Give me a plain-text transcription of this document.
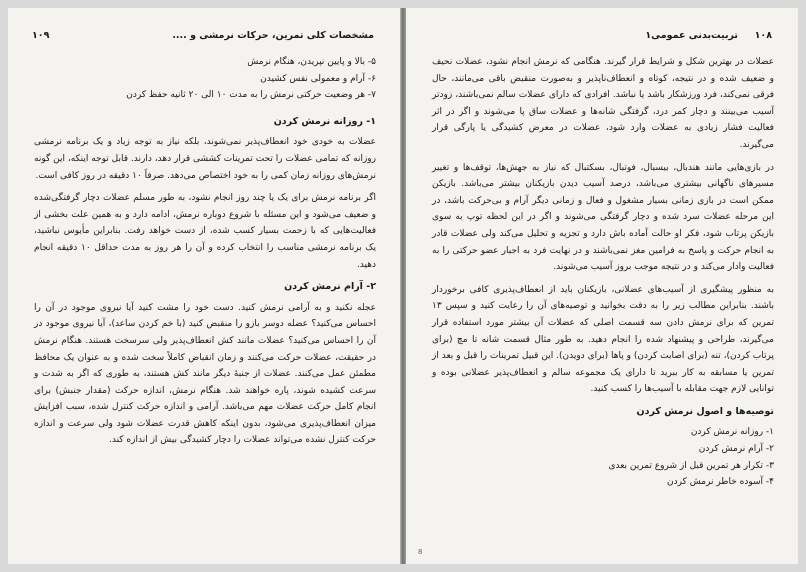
مشخصات کلی تمرین، حرکات نرمشی و ....
۱۰۹
۵- بالا و پایین نپریدن، هنگام نرمش
۶- آرام و معمولی نفس کشیدن
۷- هر وضعیت حرکتی نرمش را به مدت ۱۰ الی ۲۰ ثانیه حفظ کردن
۱- روزانه نرمش کردن

عضلات به خودی خود انعطاف‌پذیر نمی‌شوند، بلکه نیاز به توجه زیاد و یک برنامه نرمشی روزانه که تمامی عضلات را تحت تمرینات کششی قرار دهد، دارند. قابل توجه اینکه، این گونه نرمش‌های روزانه زمان کمی را به خود اختصاص می‌دهد. صرفاً ۱۰ دقیقه در روز کافی است.

اگر برنامه نرمش برای یک یا چند روز انجام نشود، به طور مسلم عضلات دچار گرفتگی‌شده و ضعیف می‌شود و این مسئله با شروع دوباره نرمش، ادامه دارد و به همین علت بخشی از فعالیت‌هایی که با زحمت بسیار کسب شده، از دست خواهد رفت. بنابراین مأیوس نباشید، یک برنامه نرمشی مناسب را انتخاب کرده و آن را هر روز به مدت حداقل ۱۰ دقیقه انجام دهید.

۲- آرام نرمش کردن

عجله نکنید و به آرامی نرمش کنید. دست خود را مشت کنید آیا نیروی موجود در آن را احساس می‌کنید؟ عضله دوسر بازو را منقبض کنید (با خم کردن ساعد)، آیا نیروی موجود در آن را احساس می‌کنید؟ عضلات مانند کش انعطاف‌پذیر ولی سرسخت هستند. هنگام نرمش در حقیقت، عضلات حرکت می‌کنند و زمان انقباض کاملاً سخت شده و به عنوان یک محافظ مطمئن عمل می‌کنند. عضلات از جنبهٔ دیگر مانند کش هستند، به طوری که اگر به شدت و سرعت کشیده شوند، پاره خواهند شد. هنگام نرمش، اندازه حرکت (مقدار جنبش) برای انجام کامل حرکت عضلات مهم می‌باشد. آرامی و اندازه حرکت کنترل شده، سبب افزایش میزان انعطاف‌پذیری می‌شود، بدون اینکه کاهش قدرت عضلات شود ولی سرعت و اندازه حرکت کنترل نشده می‌تواند عضلات را دچار کشیدگی بیش از اندازه کند.

۱۰۸
تربیت‌بدنی عمومی۱

عضلات در بهترین شکل و شرایط قرار گیرند. هنگامی که نرمش انجام نشود، عضلات نحیف و ضعیف شده و در نتیجه، کوتاه و انعطاف‌ناپذیر و به‌صورت منقبض باقی می‌مانند، حال فرقی نمی‌کند، فرد ورزشکار باشد یا نباشد. افرادی که دارای عضلات سالم نمی‌باشند، زودتر آسیب می‌بینند و دچار کمر درد، گرفتگی شانه‌ها و عضلات ساق پا می‌شوند و اگر در اثر فعالیت فشار زیادی به عضلات وارد شود، عضلات در معرض کشیدگی یا پارگی قرار می‌گیرند.

در بازی‌هایی مانند هندبال، بیسبال، فوتبال، بسکتبال که نیاز به جهش‌ها، توقف‌ها و تغییر مسیرهای ناگهانی بیشتری می‌باشد، درصد آسیب دیدن بازیکنان بیشتر می‌باشد. بازیکن ممکن است در بازی زمانی بسیار مشغول و فعال و زمانی دیگر آرام و بی‌حرکت باشد، در این مرحله عضلات سرد شده و دچار گرفتگی می‌شوند و اگر در این لحظه توپ به سوی بازیکن پرتاب شود، فکر او حالت آماده باش دارد و تجزیه و تحلیل می‌کند ولی عضلات قادر به انجام حرکت و پاسخ به فرامین مغز نمی‌باشند و در نهایت فرد به اجبار عضو حرکتی را به فعالیت وادار می‌کند و در نتیجه موجب بروز آسیب می‌شوند.

به منظور پیشگیری از آسیب‌های عضلانی، بازیکنان باید از انعطاف‌پذیری کافی برخوردار باشند. بنابراین مطالب زیر را به دقت بخوانید و توصیه‌های آن را رعایت کنید و سپس ۱۳ تمرین که برای نرمش دادن سه قسمت اصلی که عضلات آن بیشتر مورد استفاده قرار می‌گیرند، طراحی و پیشنهاد شده را انجام دهید. به طور مثال قسمت شانه تا مچ (برای پرتاب کردن)، تنه (برای اصابت کردن) و پاها (برای دویدن). این قبیل تمرینات را قبل و بعد از تمرین یا مسابقه به کار ببرید تا دارای یک مجموعه سالم و انعطاف‌پذیر عضلانی بوده و توانایی لازم جهت مقابله با آسیب‌ها را کسب کنید.

توصیه‌ها و اصول نرمش کردن
۱- روزانه نرمش کردن
۲- آرام نرمش کردن
۳- تکرار هر تمرین قبل از شروع تمرین بعدی
۴- آسوده خاطر نرمش کردن
8
